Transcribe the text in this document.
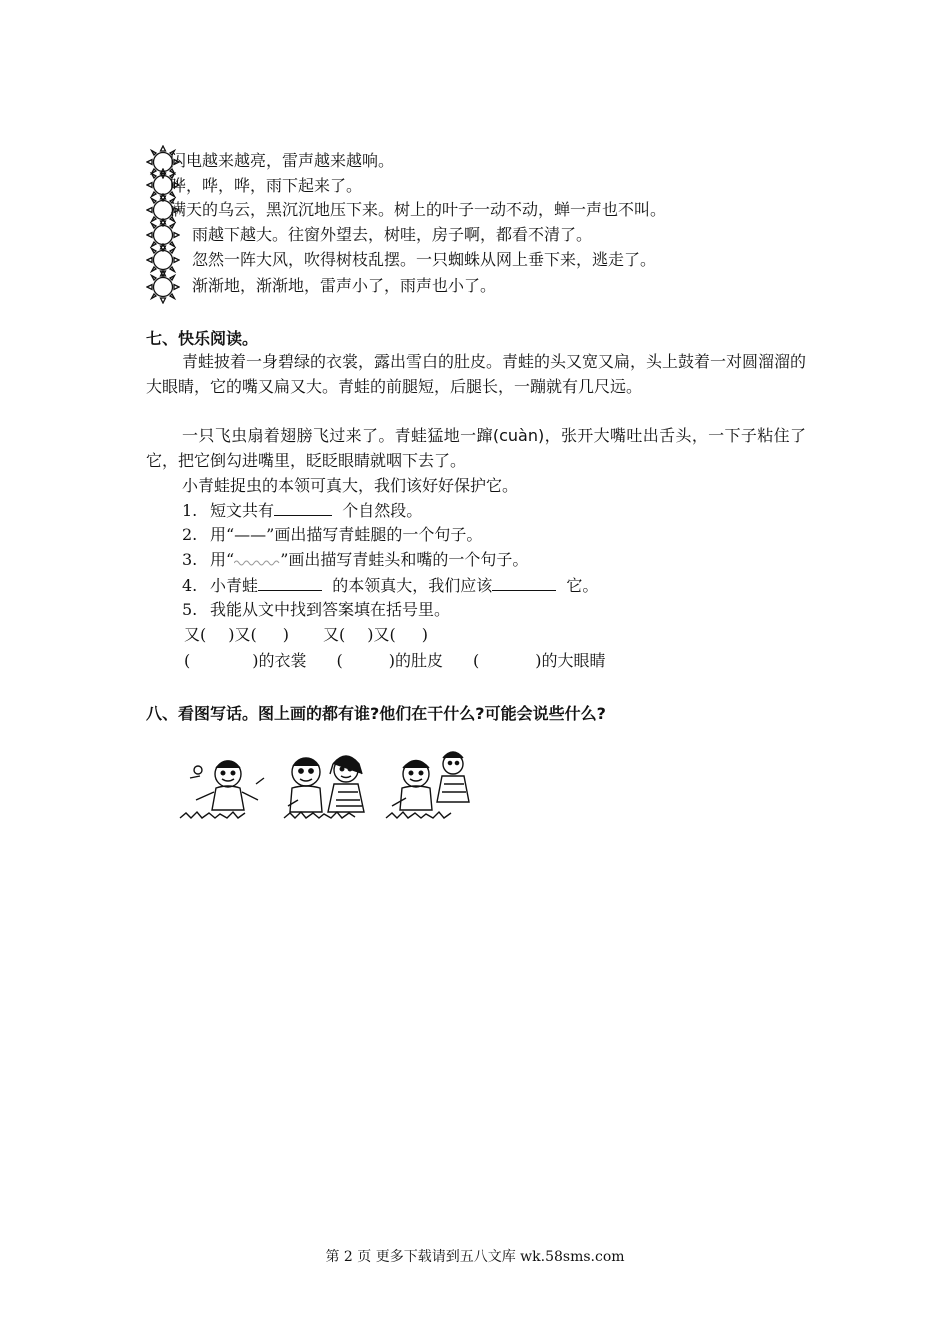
闪电越来越亮，雷声越来越响。
哗，哗，哗，雨下起来了。
满天的乌云，黑沉沉地压下来。树上的叶子一动不动，蝉一声也不叫。
雨越下越大。往窗外望去，树哇，房子啊，都看不清了。
忽然一阵大风，吹得树枝乱摆。一只蜘蛛从网上垂下来，逃走了。
渐渐地，渐渐地，雷声小了，雨声也小了。
七、快乐阅读。
青蛙披着一身碧绿的衣裳，露出雪白的肚皮。青蛙的头又宽又扁，头上鼓着一对圆溜溜的大眼睛，它的嘴又扁又大。青蛙的前腿短，后腿长，一蹦就有几尺远。
一只飞虫扇着翅膀飞过来了。青蛙猛地一蹿(cuàn)，张开大嘴吐出舌头，一下子粘住了它，把它倒勾进嘴里，眨眨眼睛就咽下去了。
小青蛙捉虫的本领可真大，我们该好好保护它。
1. 短文共有	个自然段。
2. 用“——”画出描写青蛙腿的一个句子。
3. 用“	”画出描写青蛙头和嘴的一个句子。
4. 小青蛙	的本领真大，我们应该	它。
5. 我能从文中找到答案填在括号里。
又( )又( ) 又( )又( )
(	)的衣裳 (	)的肚皮 (	)的大眼睛
八、看图写话。图上画的都有谁?他们在干什么?可能会说些什么?
第 2 页 更多下载请到五八文库 wk.58sms.com
